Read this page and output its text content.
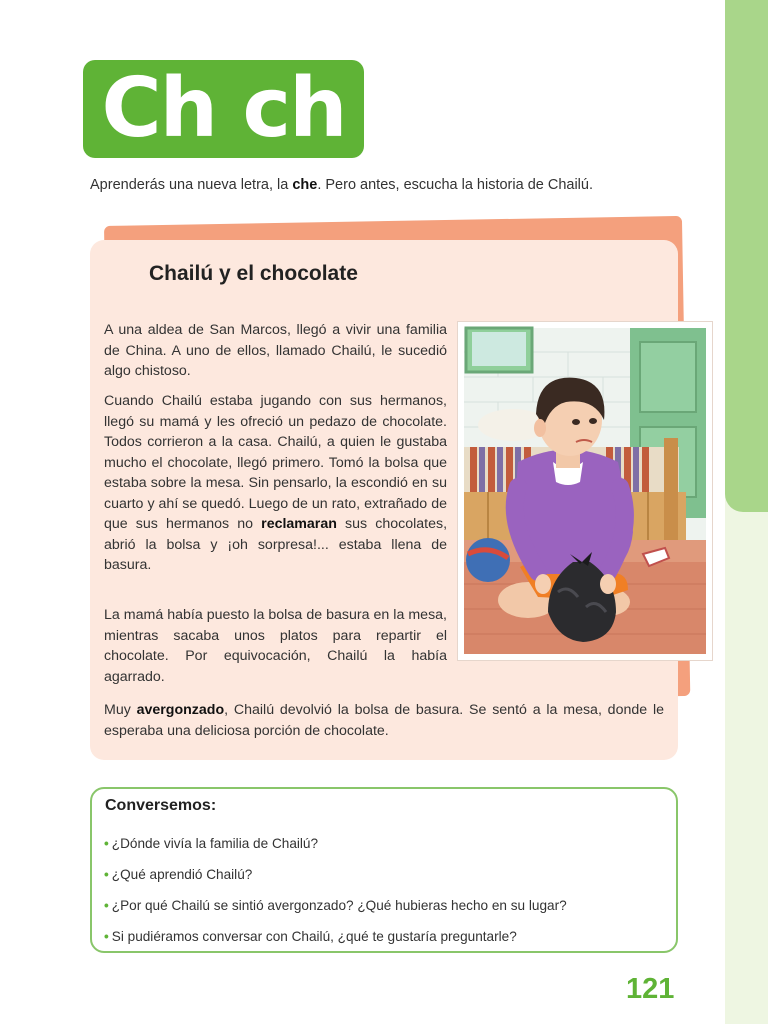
Ch ch
Aprenderás una nueva letra, la che. Pero antes, escucha la historia de Chailú.
Chailú y el chocolate
A una aldea de San Marcos, llegó a vivir una familia de China. A uno de ellos, llamado Chailú, le sucedió algo chistoso.
Cuando Chailú estaba jugando con sus hermanos, llegó su mamá y les ofreció un pedazo de chocolate. Todos corrieron a la casa. Chailú, a quien le gustaba mucho el chocolate, llegó primero. Tomó la bolsa que estaba sobre la mesa. Sin pensarlo, la escondió en su cuarto y ahí se quedó. Luego de un rato, extrañado de que sus hermanos no reclamaran sus chocolates, abrió la bolsa y ¡oh sorpresa!... estaba llena de basura.
La mamá había puesto la bolsa de basura en la mesa, mientras sacaba unos platos para repartir el chocolate. Por equivocación, Chailú la había agarrado.
Muy avergonzado, Chailú devolvió la bolsa de basura. Se sentó a la mesa, donde le esperaba una deliciosa porción de chocolate.
Conversemos:
• ¿Dónde vivía la familia de Chailú?
• ¿Qué aprendió Chailú?
• ¿Por qué Chailú se sintió avergonzado? ¿Qué hubieras hecho en su lugar?
• Si pudiéramos conversar con Chailú, ¿qué te gustaría preguntarle?
121
